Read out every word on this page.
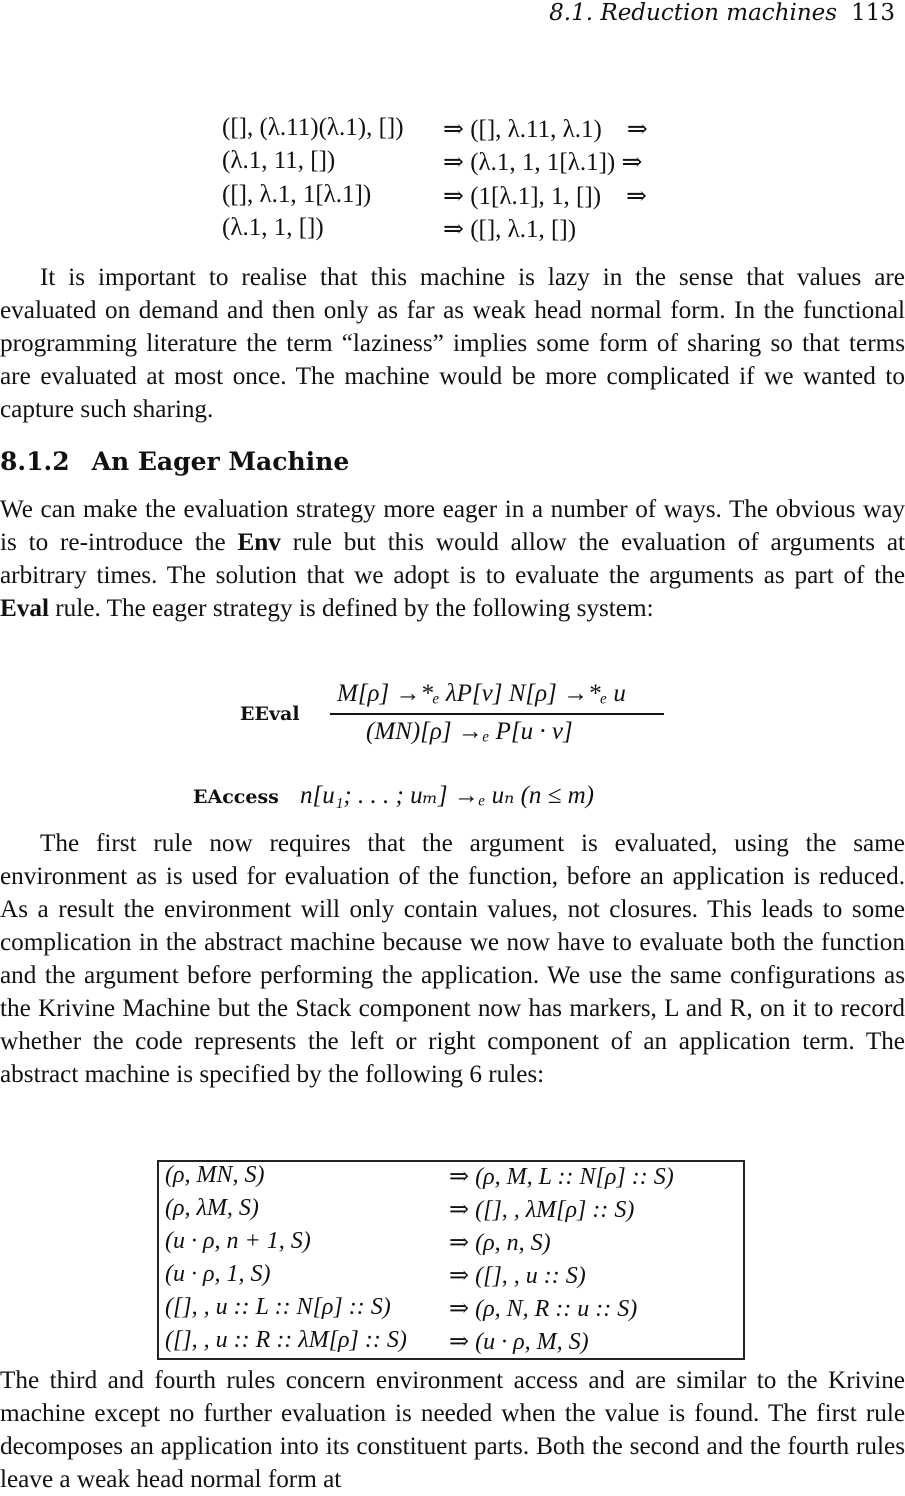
8.1. Reduction machines 113
([], (λ.11)(λ.1), []) ⇒ ([], λ.11, λ.1)    ⇒
(λ.1, 11, [])	⇒ (λ.1, 1, 1[λ.1]) ⇒
([], λ.1, 1[λ.1])	⇒ (1[λ.1], 1, [])    ⇒
(λ.1, 1, [])	⇒ ([], λ.1, [])

It is important to realise that this machine is lazy in the sense that values are evaluated on demand and then only as far as weak head normal form. In the functional programming literature the term “laziness” implies some form of sharing so that terms are evaluated at most once. The machine would be more complicated if we wanted to capture such sharing.

8.1.2 An Eager Machine

We can make the evaluation strategy more eager in a number of ways. The obvious way is to re-introduce the Env rule but this would allow the evaluation of arguments at arbitrary times. The solution that we adopt is to evaluate the arguments as part of the Eval rule. The eager strategy is defined by the following system:

EEval
M[ρ] →*ₑ λP[ν] N[ρ] →*ₑ u
(MN)[ρ] →ₑ P[u · ν]
EAccess n[u₁; . . . ; uₘ] →ₑ uₙ (n ≤ m)

The first rule now requires that the argument is evaluated, using the same environment as is used for evaluation of the function, before an application is reduced. As a result the environment will only contain values, not closures. This leads to some complication in the abstract machine because we now have to evaluate both the function and the argument before performing the application. We use the same configurations as the Krivine Machine but the Stack component now has markers, L and R, on it to record whether the code represents the left or right component of an application term. The abstract machine is specified by the following 6 rules:

(ρ, MN, S)	⇒ (ρ, M, L :: N[ρ] :: S)
(ρ, λM, S)	⇒ ([], , λM[ρ] :: S)
(u · ρ, n + 1, S)	⇒ (ρ, n, S)
(u · ρ, 1, S)	⇒ ([], , u :: S)
([], , u :: L :: N[ρ] :: S) ⇒ (ρ, N, R :: u :: S)
([], , u :: R :: λM[ρ] :: S) ⇒ (u · ρ, M, S)

The third and fourth rules concern environment access and are similar to the Krivine machine except no further evaluation is needed when the value is found. The first rule decomposes an application into its constituent parts. Both the second and the fourth rules leave a weak head normal form at
